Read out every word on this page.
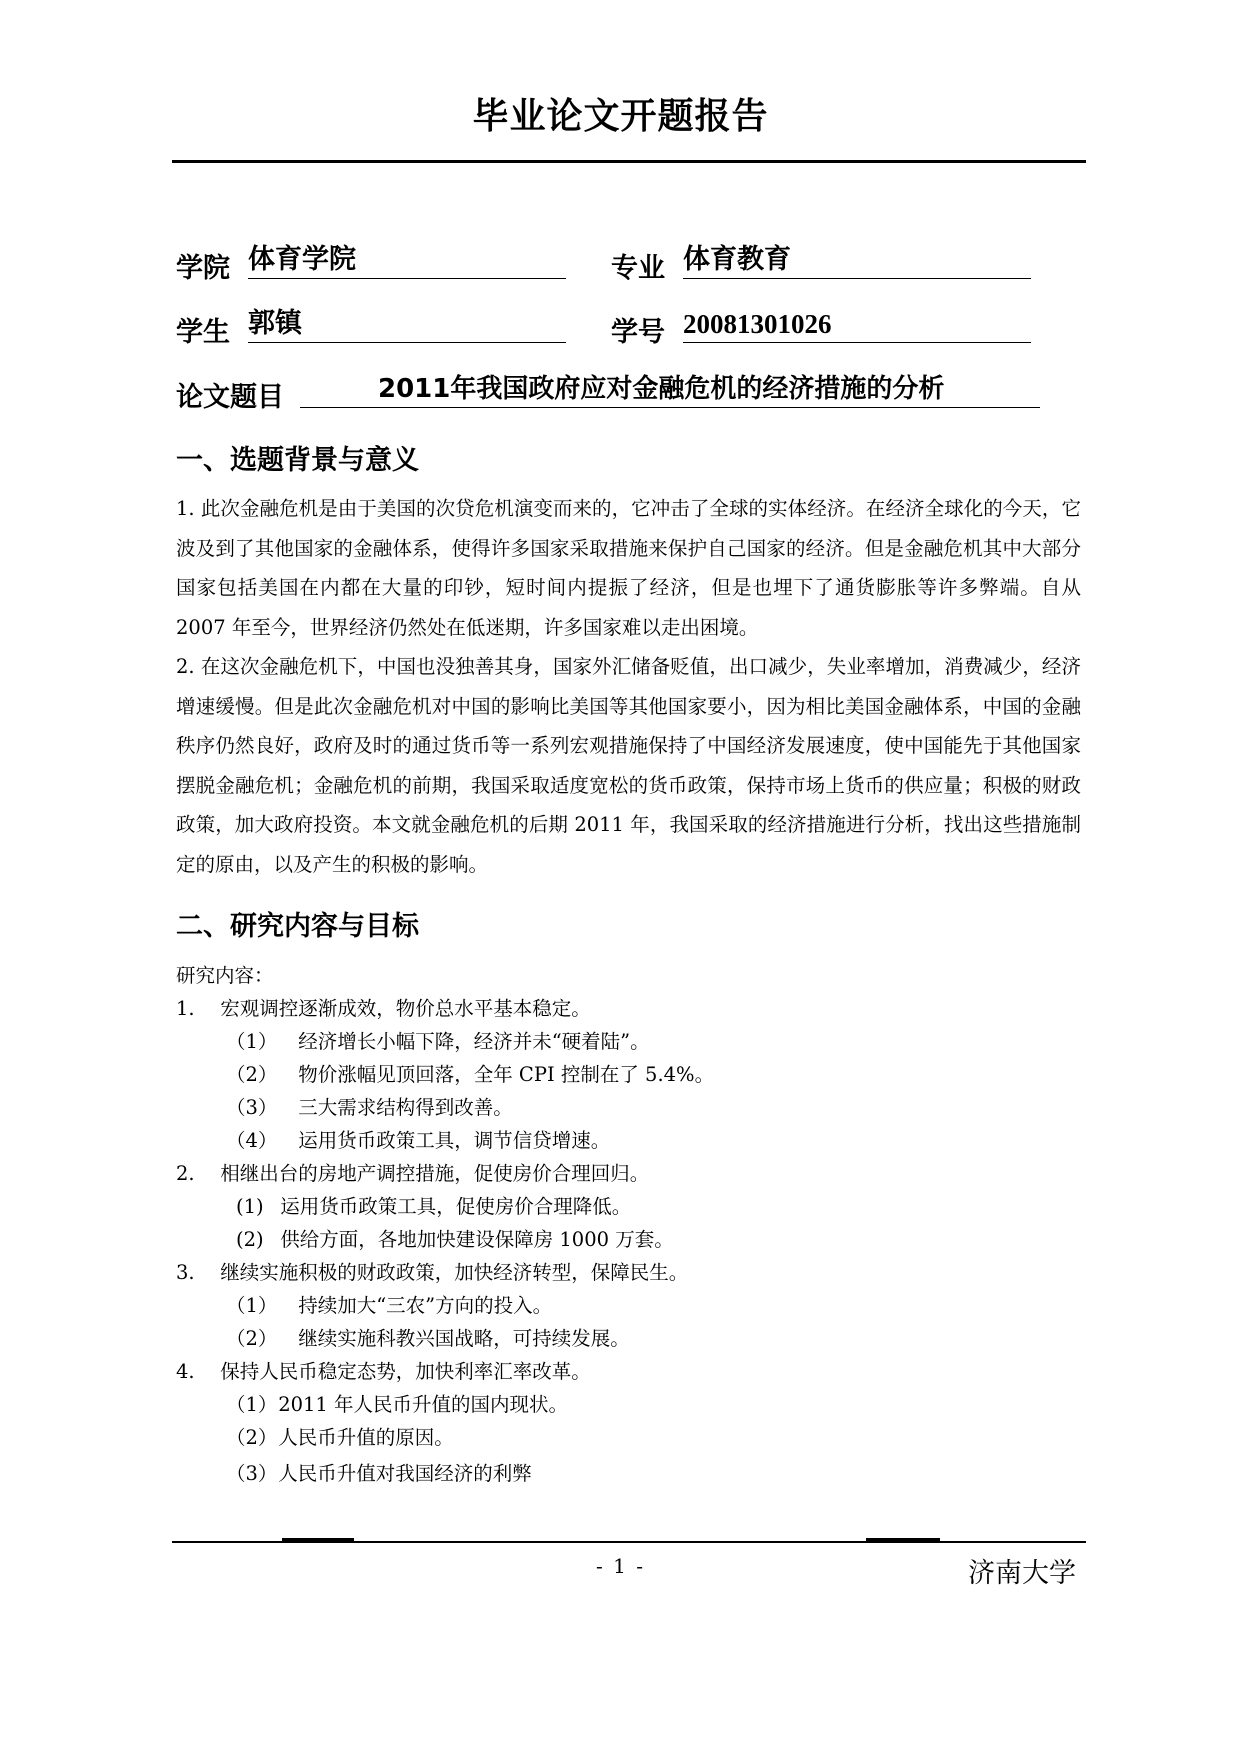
毕业论文开题报告
学院 体育学院	专业 体育教育
学生 郭镇	学号 20081301026
论文题目	2011年我国政府应对金融危机的经济措施的分析
一、选题背景与意义

1. 此次金融危机是由于美国的次贷危机演变而来的，它冲击了全球的实体经济。在经济全球化的今天，它波及到了其他国家的金融体系，使得许多国家采取措施来保护自己国家的经济。但是金融危机其中大部分国家包括美国在内都在大量的印钞，短时间内提振了经济，但是也埋下了通货膨胀等许多弊端。自从 2007 年至今，世界经济仍然处在低迷期，许多国家难以走出困境。

2. 在这次金融危机下，中国也没独善其身，国家外汇储备贬值，出口减少，失业率增加，消费减少，经济增速缓慢。但是此次金融危机对中国的影响比美国等其他国家要小，因为相比美国金融体系，中国的金融秩序仍然良好，政府及时的通过货币等一系列宏观措施保持了中国经济发展速度，使中国能先于其他国家摆脱金融危机；金融危机的前期，我国采取适度宽松的货币政策，保持市场上货币的供应量；积极的财政政策，加大政府投资。本文就金融危机的后期 2011 年，我国采取的经济措施进行分析，找出这些措施制定的原由，以及产生的积极的影响。

二、研究内容与目标
研究内容：
1. 宏观调控逐渐成效，物价总水平基本稳定。
（1） 经济增长小幅下降，经济并未“硬着陆”。
（2） 物价涨幅见顶回落，全年 CPI 控制在了 5.4%。
（3） 三大需求结构得到改善。
（4） 运用货币政策工具，调节信贷增速。
2. 相继出台的房地产调控措施，促使房价合理回归。
(1) 运用货币政策工具，促使房价合理降低。
(2) 供给方面，各地加快建设保障房 1000 万套。
3. 继续实施积极的财政政策，加快经济转型，保障民生。
（1） 持续加大“三农”方向的投入。
（2） 继续实施科教兴国战略，可持续发展。
4. 保持人民币稳定态势，加快利率汇率改革。
（1） 2011 年人民币升值的国内现状。
（2） 人民币升值的原因。
（3） 人民币升值对我国经济的利弊
- 1 -	济南大学
